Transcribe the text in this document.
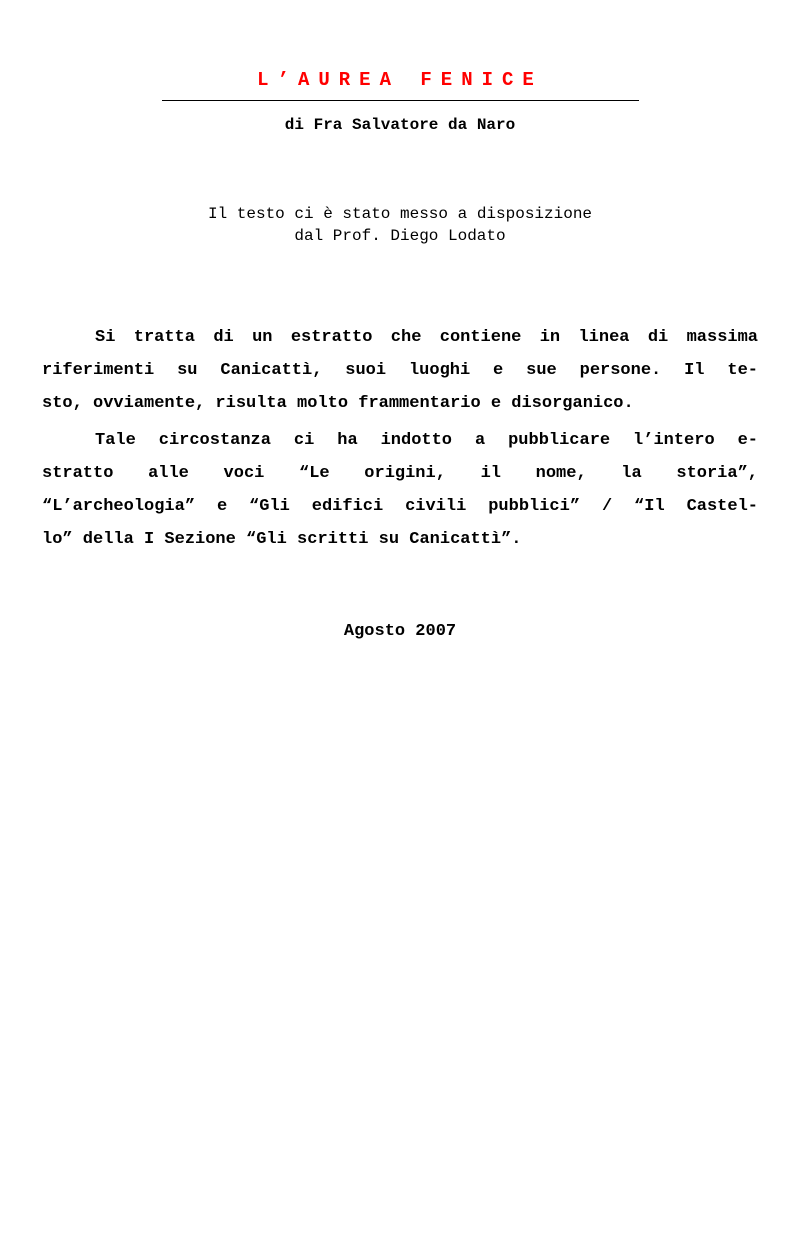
L’AUREA FENICE
di Fra Salvatore da Naro
Il testo ci è stato messo a disposizione
dal Prof. Diego Lodato
Si tratta di un estratto che contiene in linea di massima
riferimenti su Canicattì, suoi luoghi e sue persone. Il te-
sto, ovviamente, risulta molto frammentario e disorganico.
Tale circostanza ci ha indotto a pubblicare l’intero e-
stratto alle voci “Le origini, il nome, la storia”,
“L’archeologia” e “Gli edifici civili pubblici” / “Il Castel-
lo” della I Sezione “Gli scritti su Canicattì”.
Agosto 2007
